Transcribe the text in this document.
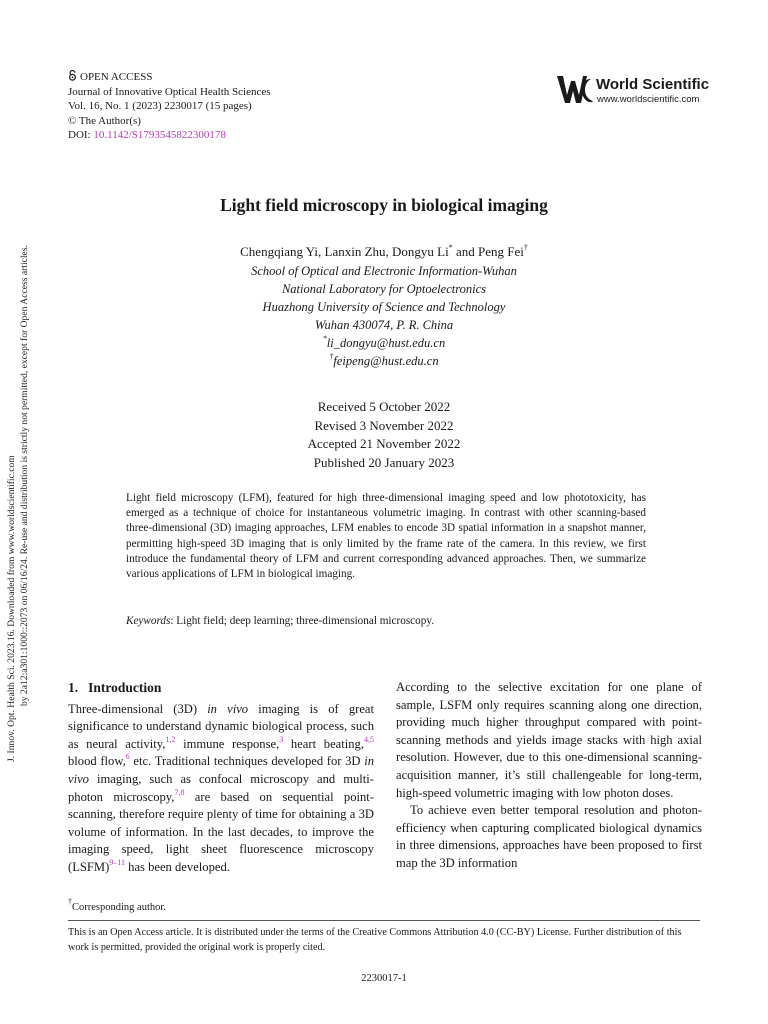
OPEN ACCESS
Journal of Innovative Optical Health Sciences
Vol. 16, No. 1 (2023) 2230017 (15 pages)
© The Author(s)
DOI: 10.1142/S1793545822300178
World Scientific
www.worldscientific.com
J. Innov. Opt. Health Sci. 2023.16. Downloaded from www.worldscientific.com by 2a12:a301:1000::2073 on 06/16/24. Re-use and distribution is strictly not permitted, except for Open Access articles.
Light field microscopy in biological imaging
Chengqiang Yi, Lanxin Zhu, Dongyu Li* and Peng Fei†
School of Optical and Electronic Information-Wuhan
National Laboratory for Optoelectronics
Huazhong University of Science and Technology
Wuhan 430074, P. R. China
*li_dongyu@hust.edu.cn
†feipeng@hust.edu.cn
Received 5 October 2022
Revised 3 November 2022
Accepted 21 November 2022
Published 20 January 2023
Light field microscopy (LFM), featured for high three-dimensional imaging speed and low phototoxicity, has emerged as a technique of choice for instantaneous volumetric imaging. In contrast with other scanning-based three-dimensional (3D) imaging approaches, LFM enables to encode 3D spatial information in a snapshot manner, permitting high-speed 3D imaging that is only limited by the frame rate of the camera. In this review, we first introduce the fundamental theory of LFM and current corresponding advanced approaches. Then, we summarize various applications of LFM in biological imaging.
Keywords: Light field; deep learning; three-dimensional microscopy.
1. Introduction

Three-dimensional (3D) in vivo imaging is of great significance to understand dynamic biological process, such as neural activity,$^{1,2}$ immune response,$^3$ heart beating,$^{4,5}$ blood flow,$^6$ etc. Traditional techniques developed for 3D in vivo imaging, such as confocal microscopy and multi-photon microscopy,$^{7,8}$ are based on sequential point-scanning, therefore require plenty of time for obtaining a 3D volume of information. In the last decades, to improve the imaging speed, light sheet fluorescence microscopy (LSFM)$^{9-11}$ has been developed.

According to the selective excitation for one plane of sample, LSFM only requires scanning along one direction, providing much higher throughput compared with point-scanning methods and yields image stacks with high axial resolution. However, due to this one-dimensional scanning-acquisition manner, it’s still challengeable for long-term, high-speed volumetric imaging with low photon doses.

To achieve even better temporal resolution and photon-efficiency when capturing complicated biological dynamics in three dimensions, approaches have been proposed to first map the 3D information

†Corresponding author.
This is an Open Access article. It is distributed under the terms of the Creative Commons Attribution 4.0 (CC-BY) License. Further distribution of this work is permitted, provided the original work is properly cited.
2230017-1
